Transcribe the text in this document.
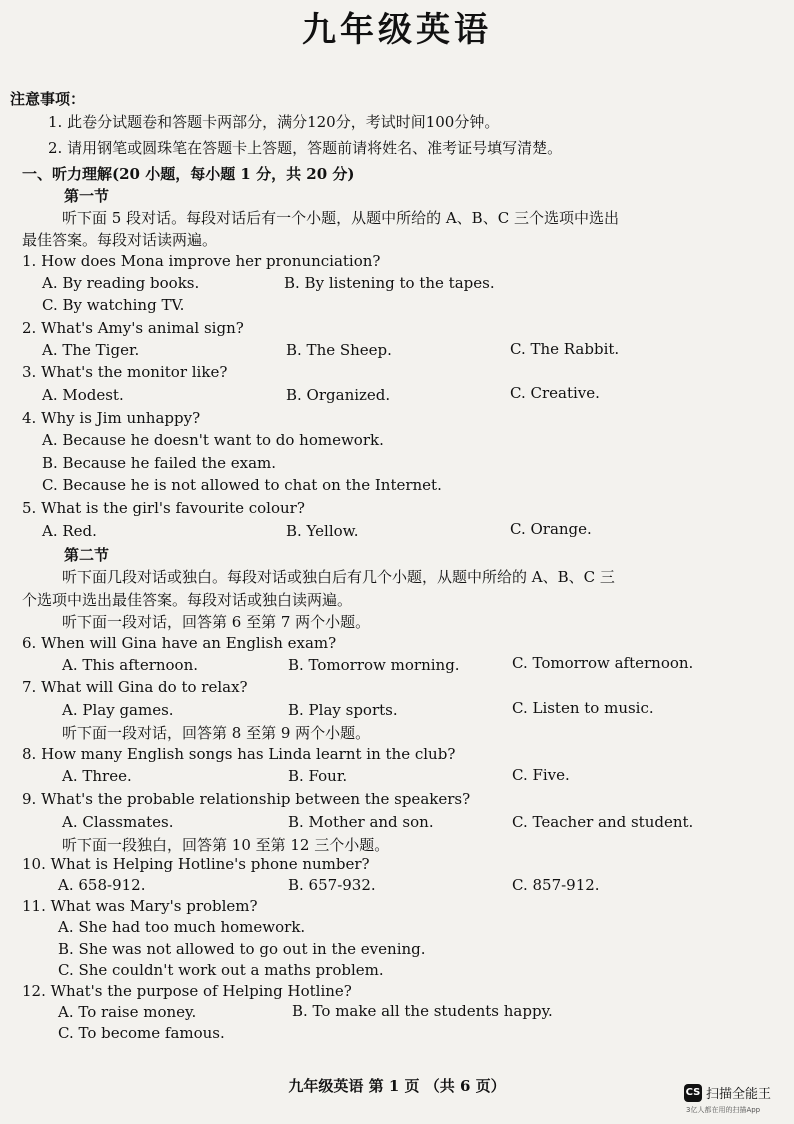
九年级英语
注意事项：
1. 此卷分试题卷和答题卡两部分，满分120分，考试时间100分钟。
2. 请用钢笔或圆珠笔在答题卡上答题，答题前请将姓名、准考证号填写清楚。
一、听力理解(20 小题，每小题 1 分，共 20 分)
第一节
听下面 5 段对话。每段对话后有一个小题，从题中所给的 A、B、C 三个选项中选出
最佳答案。每段对话读两遍。
1. How does Mona improve her pronunciation?
A. By reading books.	B. By listening to the tapes.
C. By watching TV.
2. What's Amy's animal sign?
A. The Tiger.	B. The Sheep.	C. The Rabbit.
3. What's the monitor like?
A. Modest.	B. Organized.	C. Creative.
4. Why is Jim unhappy?
A. Because he doesn't want to do homework.
B. Because he failed the exam.
C. Because he is not allowed to chat on the Internet.
5. What is the girl's favourite colour?
A. Red.	B. Yellow.	C. Orange.
第二节
听下面几段对话或独白。每段对话或独白后有几个小题，从题中所给的 A、B、C 三
个选项中选出最佳答案。每段对话或独白读两遍。
听下面一段对话，回答第 6 至第 7 两个小题。
6. When will Gina have an English exam?
A. This afternoon.	B. Tomorrow morning.	C. Tomorrow afternoon.
7. What will Gina do to relax?
A. Play games.	B. Play sports.	C. Listen to music.
听下面一段对话，回答第 8 至第 9 两个小题。
8. How many English songs has Linda learnt in the club?
A. Three.	B. Four.	C. Five.
9. What's the probable relationship between the speakers?
A. Classmates.	B. Mother and son.	C. Teacher and student.
听下面一段独白，回答第 10 至第 12 三个小题。
10. What is Helping Hotline's phone number?
A. 658-912.	B. 657-932.	C. 857-912.
11. What was Mary's problem?
A. She had too much homework.
B. She was not allowed to go out in the evening.
C. She couldn't work out a maths problem.
12. What's the purpose of Helping Hotline?
A. To raise money.	B. To make all the students happy.
C. To become famous.
九年级英语 第 1 页 （共 6 页）	CS 扫描全能王
3亿人都在用的扫描App
